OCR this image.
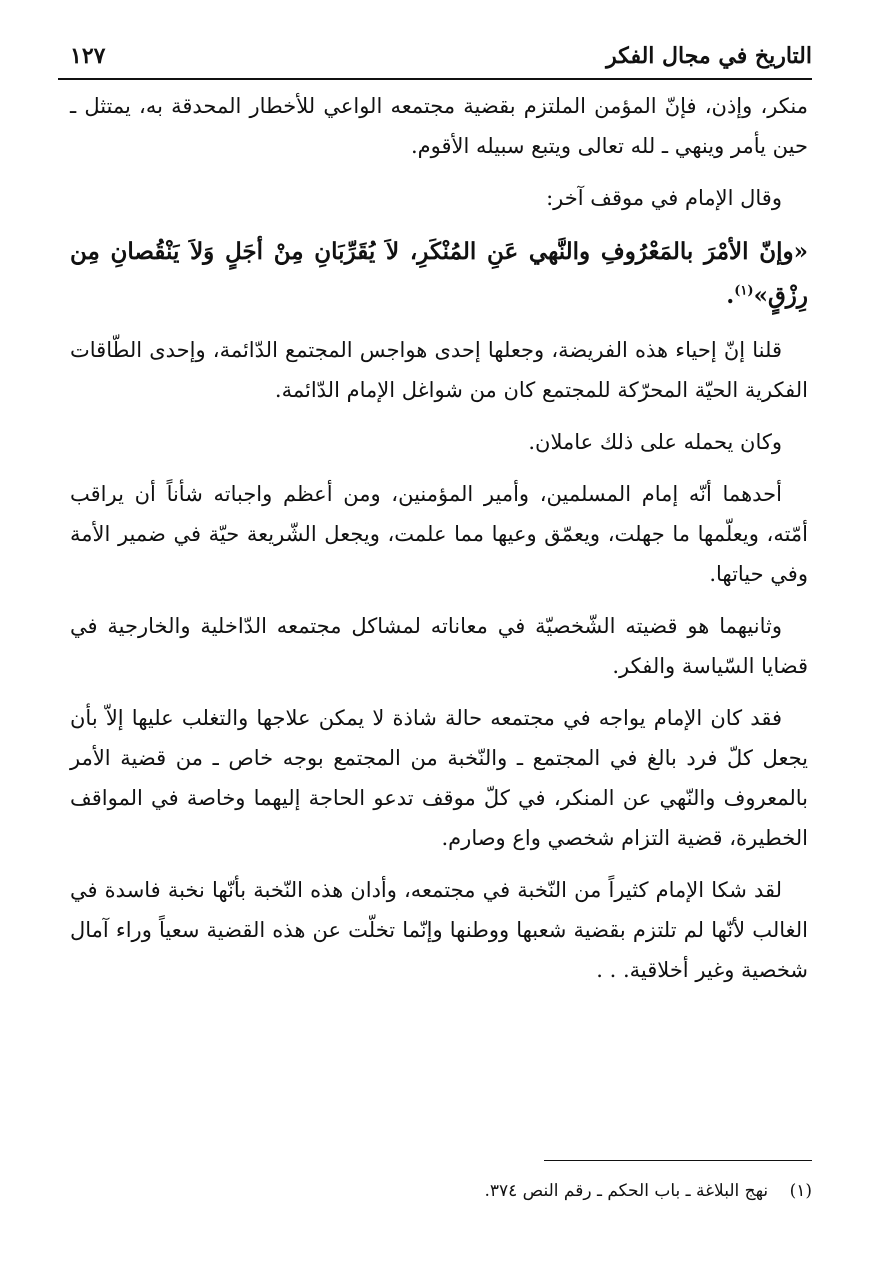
التاريخ في مجال الفكر
١٢٧

منكر، وإذن، فإنّ المؤمن الملتزم بقضية مجتمعه الواعي للأخطار المحدقة به، يمتثل ـ حين يأمر وينهي ـ لله تعالى ويتبع سبيله الأقوم.

وقال الإمام في موقف آخر:

«وإنّ الأمْرَ بالمَعْرُوفِ والنَّهي عَنِ المُنْكَرِ، لاَ يُقَرِّبَانِ مِنْ أجَلٍ وَلاَ يَنْقُصانِ مِن رِزْقٍ»$^{(١)}$.

قلنا إنّ إحياء هذه الفريضة، وجعلها إحدى هواجس المجتمع الدّائمة، وإحدى الطّاقات الفكرية الحيّة المحرّكة للمجتمع كان من شواغل الإمام الدّائمة.

وكان يحمله على ذلك عاملان.

أحدهما أنّه إمام المسلمين، وأمير المؤمنين، ومن أعظم واجباته شأناً أن يراقب أمّته، ويعلّمها ما جهلت، ويعمّق وعيها مما علمت، ويجعل الشّريعة حيّة في ضمير الأمة وفي حياتها.

وثانيهما هو قضيته الشّخصيّة في معاناته لمشاكل مجتمعه الدّاخلية والخارجية في قضايا السّياسة والفكر.

فقد كان الإمام يواجه في مجتمعه حالة شاذة لا يمكن علاجها والتغلب عليها إلاّ بأن يجعل كلّ فرد بالغ في المجتمع ـ والنّخبة من المجتمع بوجه خاص ـ من قضية الأمر بالمعروف والنّهي عن المنكر، في كلّ موقف تدعو الحاجة إليهما وخاصة في المواقف الخطيرة، قضية التزام شخصي واع وصارم.

لقد شكا الإمام كثيراً من النّخبة في مجتمعه، وأدان هذه النّخبة بأنّها نخبة فاسدة في الغالب لأنّها لم تلتزم بقضية شعبها ووطنها وإنّما تخلّت عن هذه القضية سعياً وراء آمال شخصية وغير أخلاقية. . .

(١) نهج البلاغة ـ باب الحكم ـ رقم النص ٣٧٤.
